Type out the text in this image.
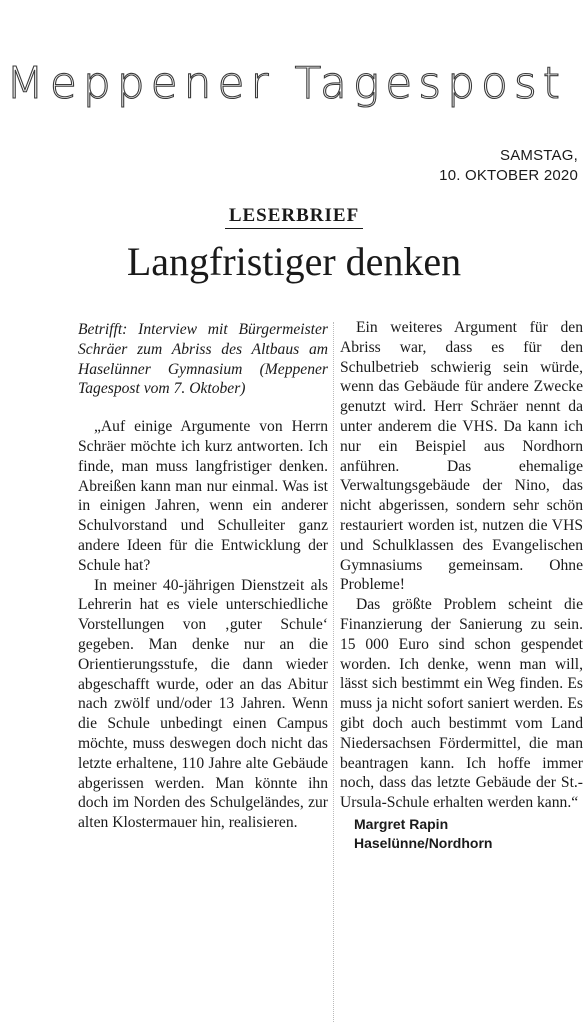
Meppener Tagespost
SAMSTAG,
10. OKTOBER 2020
LESERBRIEF
Langfristiger denken

Betrifft: Interview mit Bürgermeister Schräer zum Abriss des Altbaus am Haselünner Gymnasium (Meppener Tagespost vom 7. Oktober)

„Auf einige Argumente von Herrn Schräer möchte ich kurz antworten. Ich finde, man muss langfristiger denken. Abreißen kann man nur einmal. Was ist in einigen Jahren, wenn ein anderer Schulvorstand und Schulleiter ganz andere Ideen für die Entwicklung der Schule hat?

In meiner 40-jährigen Dienstzeit als Lehrerin hat es viele unterschiedliche Vorstellungen von ‚guter Schule‘ gegeben. Man denke nur an die Orientierungsstufe, die dann wieder abgeschafft wurde, oder an das Abitur nach zwölf und/oder 13 Jahren. Wenn die Schule unbedingt einen Campus möchte, muss deswegen doch nicht das letzte erhaltene, 110 Jahre alte Gebäude abgerissen werden. Man könnte ihn doch im Norden des Schulgeländes, zur alten Klostermauer hin, realisieren.

Ein weiteres Argument für den Abriss war, dass es für den Schulbetrieb schwierig sein würde, wenn das Gebäude für andere Zwecke genutzt wird. Herr Schräer nennt da unter anderem die VHS. Da kann ich nur ein Beispiel aus Nordhorn anführen. Das ehemalige Verwaltungsgebäude der Nino, das nicht abgerissen, sondern sehr schön restauriert worden ist, nutzen die VHS und Schulklassen des Evangelischen Gymnasiums gemeinsam. Ohne Probleme!

Das größte Problem scheint die Finanzierung der Sanierung zu sein. 15 000 Euro sind schon gespendet worden. Ich denke, wenn man will, lässt sich bestimmt ein Weg finden. Es muss ja nicht sofort saniert werden. Es gibt doch auch bestimmt vom Land Niedersachsen Fördermittel, die man beantragen kann. Ich hoffe immer noch, dass das letzte Gebäude der St.-Ursula-Schule erhalten werden kann.“

Margret Rapin

Haselünne/Nordhorn
